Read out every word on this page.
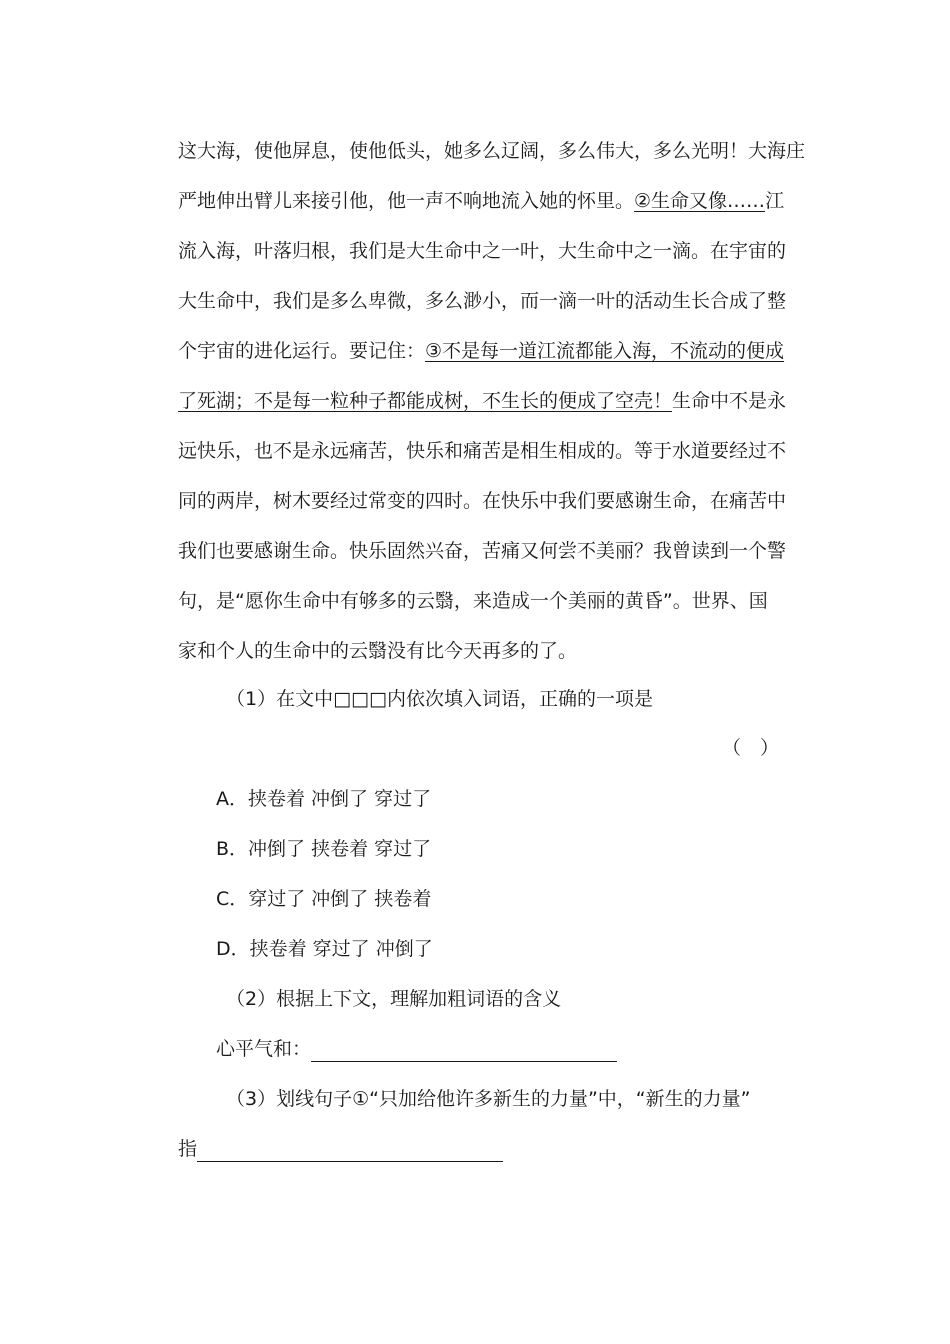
这大海，使他屏息，使他低头，她多么辽阔，多么伟大，多么光明！大海庄
严地伸出臂儿来接引他，他一声不响地流入她的怀里。②生命又像……江
流入海，叶落归根，我们是大生命中之一叶，大生命中之一滴。在宇宙的
大生命中，我们是多么卑微，多么渺小，而一滴一叶的活动生长合成了整
个宇宙的进化运行。要记住：③不是每一道江流都能入海，不流动的便成
了死湖；不是每一粒种子都能成树，不生长的便成了空壳！生命中不是永
远快乐，也不是永远痛苦，快乐和痛苦是相生相成的。等于水道要经过不
同的两岸，树木要经过常变的四时。在快乐中我们要感谢生命，在痛苦中
我们也要感谢生命。快乐固然兴奋，苦痛又何尝不美丽？我曾读到一个警
句，是“愿你生命中有够多的云翳，来造成一个美丽的黄昏”。世界、国
家和个人的生命中的云翳没有比今天再多的了。
（1）在文中□□□内依次填入词语，正确的一项是
（　）
A．挟卷着 冲倒了 穿过了
B．冲倒了 挟卷着 穿过了
C．穿过了 冲倒了 挟卷着
D．挟卷着 穿过了 冲倒了
（2）根据上下文，理解加粗词语的含义
心平气和：
（3）划线句子①“只加给他许多新生的力量”中，“新生的力量”
指
